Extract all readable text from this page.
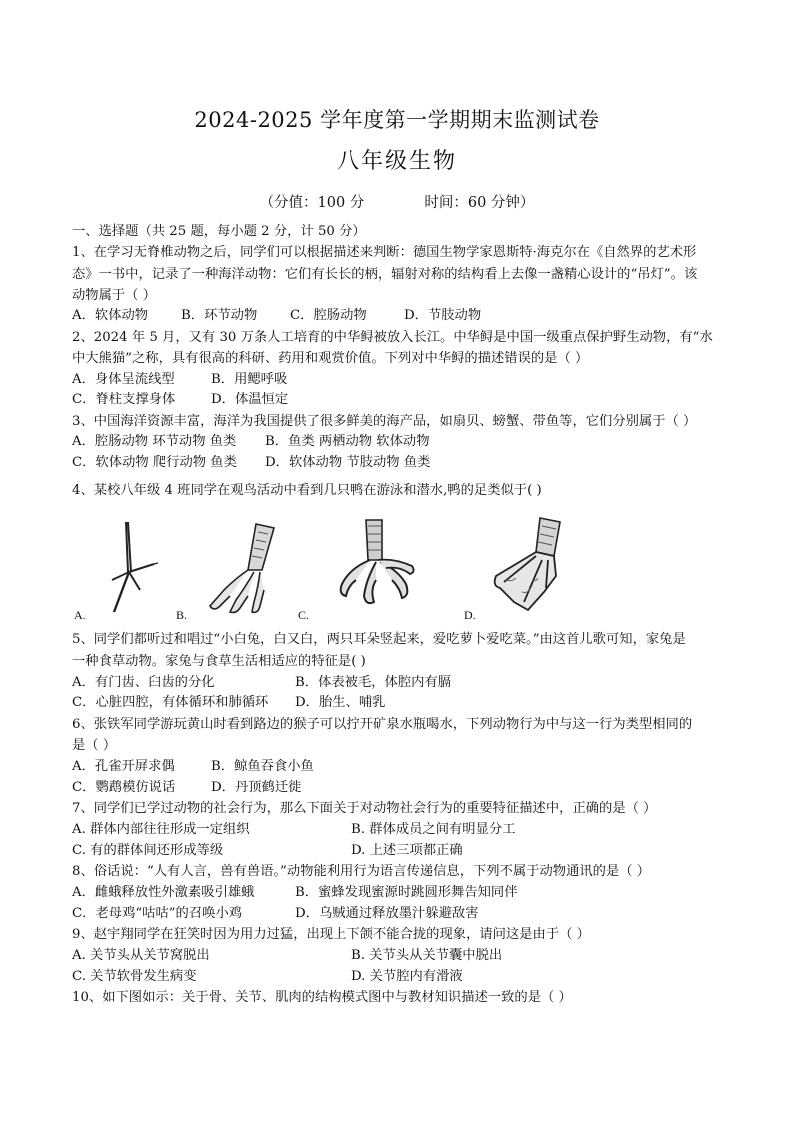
2024-2025 学年度第一学期期末监测试卷
八年级生物
（分值：100 分	时间：60 分钟）
一、选择题（共 25 题，每小题 2 分，计 50 分）
1、在学习无脊椎动物之后，同学们可以根据描述来判断：德国生物学家恩斯特·海克尔在《自然界的艺术形
态》一书中，记录了一种海洋动物：它们有长长的柄，辐射对称的结构看上去像一盏精心设计的“吊灯”。该
动物属于（ ）
A．软体动物 B．环节动物 C．腔肠动物	D．节肢动物
2、2024 年 5 月，又有 30 万条人工培育的中华鲟被放入长江。中华鲟是中国一级重点保护野生动物，有“水
中大熊猫”之称，具有很高的科研、药用和观赏价值。下列对中华鲟的描述错误的是（ ）
A．身体呈流线型	B．用鳃呼吸
C．脊柱支撑身体	D．体温恒定
3、中国海洋资源丰富，海洋为我国提供了很多鲜美的海产品，如扇贝、螃蟹、带鱼等，它们分别属于（ ）
A．腔肠动物 环节动物 鱼类 B．鱼类 两栖动物 软体动物
C．软体动物 爬行动物 鱼类 D．软体动物 节肢动物 鱼类
4、某校八年级 4 班同学在观鸟活动中看到几只鸭在游泳和潜水,鸭的足类似于( )
A.	B.	C.	D.
5、同学们都听过和唱过“小白兔，白又白，两只耳朵竖起来，爱吃萝卜爱吃菜。”由这首儿歌可知，家兔是
一种食草动物。家兔与食草生活相适应的特征是( )
A．有门齿、臼齿的分化	B．体表被毛，体腔内有膈
C．心脏四腔，有体循环和肺循环 D．胎生、哺乳
6、张铁军同学游玩黄山时看到路边的猴子可以拧开矿泉水瓶喝水，下列动物行为中与这一行为类型相同的
是（ ）
A．孔雀开屏求偶	B．鲸鱼吞食小鱼
C．鹦鹉模仿说话	D．丹顶鹤迁徙
7、同学们已学过动物的社会行为，那么下面关于对动物社会行为的重要特征描述中，正确的是（ ）
A. 群体内部往往形成一定组织	B. 群体成员之间有明显分工
C. 有的群体间还形成等级	D. 上述三项都正确
8、俗话说：“人有人言，兽有兽语。”动物能利用行为语言传递信息，下列不属于动物通讯的是（ ）
A．雌蛾释放性外激素吸引雄蛾	B．蜜蜂发现蜜源时跳圆形舞告知同伴
C．老母鸡“咕咕”的召唤小鸡	D．乌贼通过释放墨汁躲避敌害
9、赵宇翔同学在狂笑时因为用力过猛，出现上下颌不能合拢的现象，请问这是由于（ ）
A. 关节头从关节窝脱出	B. 关节头从关节囊中脱出
C. 关节软骨发生病变	D. 关节腔内有滑液
10、如下图如示：关于骨、关节、肌肉的结构模式图中与教材知识描述一致的是（ ）
